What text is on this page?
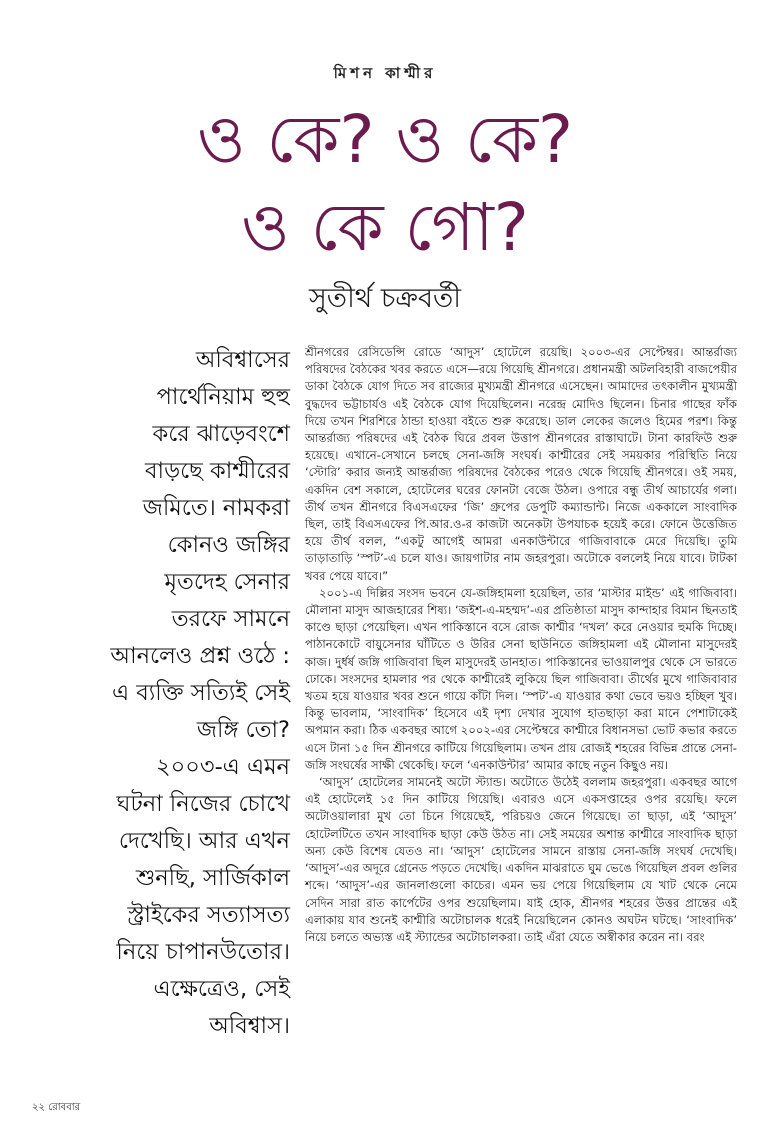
মিশন কাশ্মীর
ও কে? ও কে?
ও কে গো?
সুতীর্থ চক্রবর্তী
অবিশ্বাসের
পার্থেনিয়াম হুহু
করে ঝাড়েবংশে
বাড়ছে কাশ্মীরের
জমিতে। নামকরা
কোনও জঙ্গির
মৃতদেহ সেনার
তরফে সামনে
আনলেও প্রশ্ন ওঠে :
এ ব্যক্তি সত্যিই সেই
জঙ্গি তো?
২০০৩-এ এমন
ঘটনা নিজের চোখে
দেখেছি। আর এখন
শুনছি, সার্জিকাল
স্ট্রাইকের সত্যাসত্য
নিয়ে চাপানউতোর।
এক্ষেত্রেও, সেই
অবিশ্বাস।

শ্রীনগরের রেসিডেন্সি রোডে ‘আদুস’ হোটেলে রয়েছি। ২০০৩-এর সেপ্টেম্বর। আন্তর্রাজ্য পরিষদের বৈঠকের খবর করতে এসে—রয়ে গিয়েছি শ্রীনগরে। প্রধানমন্ত্রী অটলবিহারী বাজপেয়ীর ডাকা বৈঠকে যোগ দিতে সব রাজ্যের মুখ্যমন্ত্রী শ্রীনগরে এসেছেন। আমাদের তৎকালীন মুখ্যমন্ত্রী বুদ্ধদেব ভট্টাচার্যও এই বৈঠকে যোগ দিয়েছিলেন। নরেন্দ্র মোদিও ছিলেন। চিনার গাছের ফাঁক দিয়ে তখন শিরশিরে ঠান্ডা হাওয়া বইতে শুরু করেছে। ডাল লেকের জলেও হিমের পরশ। কিন্তু আন্তর্রাজ্য পরিষদের এই বৈঠক ঘিরে প্রবল উত্তাপ শ্রীনগরের রাস্তাঘাটে। টানা কারফিউ শুরু হয়েছে। এখানে-সেখানে চলছে সেনা-জঙ্গি সংঘর্ষ। কাশ্মীরের সেই সময়কার পরিস্থিতি নিয়ে ‘স্টোরি’ করার জন্যই আন্তর্রাজ্য পরিষদের বৈঠকের পরেও থেকে গিয়েছি শ্রীনগরে। ওই সময়, একদিন বেশ সকালে, হোটেলের ঘরের ফোনটা বেজে উঠল। ওপারে বন্ধু তীর্থ আচার্যের গলা। তীর্থ তখন শ্রীনগরে বিএসএফের ‘জি’ গ্রুপের ডেপুটি কম্যান্ডান্ট। নিজে এককালে সাংবাদিক ছিল, তাই বিএসএফের পি.আর.ও-র কাজটা অনেকটা উপযাচক হয়েই করে। ফোনে উত্তেজিত হয়ে তীর্থ বলল, “একটু আগেই আমরা এনকাউন্টারে গাজিবাবাকে মেরে দিয়েছি। তুমি তাড়াতাড়ি ‘স্পট’-এ চলে যাও। জায়গাটার নাম জহরপুরা। অটোকে বললেই নিয়ে যাবে। টাটকা খবর পেয়ে যাবে।”

২০০১-এ দিল্লির সংসদ ভবনে যে-জঙ্গিহামলা হয়েছিল, তার ‘মাস্টার মাইন্ড’ এই গাজিবাবা। মৌলানা মাসুদ আজহারের শিষ্য। ‘জইশ-এ-মহম্মদ’-এর প্রতিষ্ঠাতা মাসুদ কান্দাহার বিমান ছিনতাই কাণ্ডে ছাড়া পেয়েছিল। এখন পাকিস্তানে বসে রোজ কাশ্মীর ‘দখল’ করে নেওয়ার হুমকি দিচ্ছে। পাঠানকোটে বায়ুসেনার ঘাঁটিতে ও উরির সেনা ছাউনিতে জঙ্গিহামলা এই মৌলানা মাসুদেরই কাজ। দুর্ধর্ষ জঙ্গি গাজিবাবা ছিল মাসুদেরই ডানহাত। পাকিস্তানের ভাওয়ালপুর থেকে সে ভারতে ঢোকে। সংসদের হামলার পর থেকে কাশ্মীরেই লুকিয়ে ছিল গাজিবাবা। তীর্থের মুখে গাজিবাবার খতম হয়ে যাওয়ার খবর শুনে গায়ে কাঁটা দিল। ‘স্পট’-এ যাওয়ার কথা ভেবে ভয়ও হচ্ছিল খুব। কিন্তু ভাবলাম, ‘সাংবাদিক’ হিসেবে এই দৃশ্য দেখার সুযোগ হাতছাড়া করা মানে পেশাটাকেই অপমান করা। ঠিক একবছর আগে ২০০২-এর সেপ্টেম্বরে কাশ্মীরে বিধানসভা ভোট কভার করতে এসে টানা ১৫ দিন শ্রীনগরে কাটিয়ে গিয়েছিলাম। তখন প্রায় রোজই শহরের বিভিন্ন প্রান্তে সেনা-জঙ্গি সংঘর্ষের সাক্ষী থেকেছি। ফলে ‘এনকাউন্টার’ আমার কাছে নতুন কিছুও নয়।

‘আদুস’ হোটেলের সামনেই অটো স্ট্যান্ড। অটোতে উঠেই বললাম জহরপুরা। একবছর আগে এই হোটেলেই ১৫ দিন কাটিয়ে গিয়েছি। এবারও এসে একসপ্তাহের ওপর রয়েছি। ফলে অটোওয়ালারা মুখ তো চিনে গিয়েছেই, পরিচয়ও জেনে গিয়েছে। তা ছাড়া, এই ‘আদুস’ হোটেলটিতে তখন সাংবাদিক ছাড়া কেউ উঠত না। সেই সময়ের অশান্ত কাশ্মীরে সাংবাদিক ছাড়া অন্য কেউ বিশেষ যেতও না। ‘আদুস’ হোটেলের সামনে রাস্তায় সেনা-জঙ্গি সংঘর্ষ দেখেছি। ‘আদুস’-এর অদূরে গ্রেনেড পড়তে দেখেছি। একদিন মাঝরাতে ঘুম ভেঙে গিয়েছিল প্রবল গুলির শব্দে। ‘আদুস’-এর জানলাগুলো কাচের। এমন ভয় পেয়ে গিয়েছিলাম যে খাট থেকে নেমে সেদিন সারা রাত কার্পেটের ওপর শুয়েছিলাম। যাই হোক, শ্রীনগর শহরের উত্তর প্রান্তের এই এলাকায় যাব শুনেই কাশ্মীরি অটোচালক ধরেই নিয়েছিলেন কোনও অঘটন ঘটছে। ‘সাংবাদিক’ নিয়ে চলতে অভ্যস্ত এই স্ট্যান্ডের অটোচালকরা। তাই এঁরা যেতে অস্বীকার করেন না। বরং

২২ রোববার
